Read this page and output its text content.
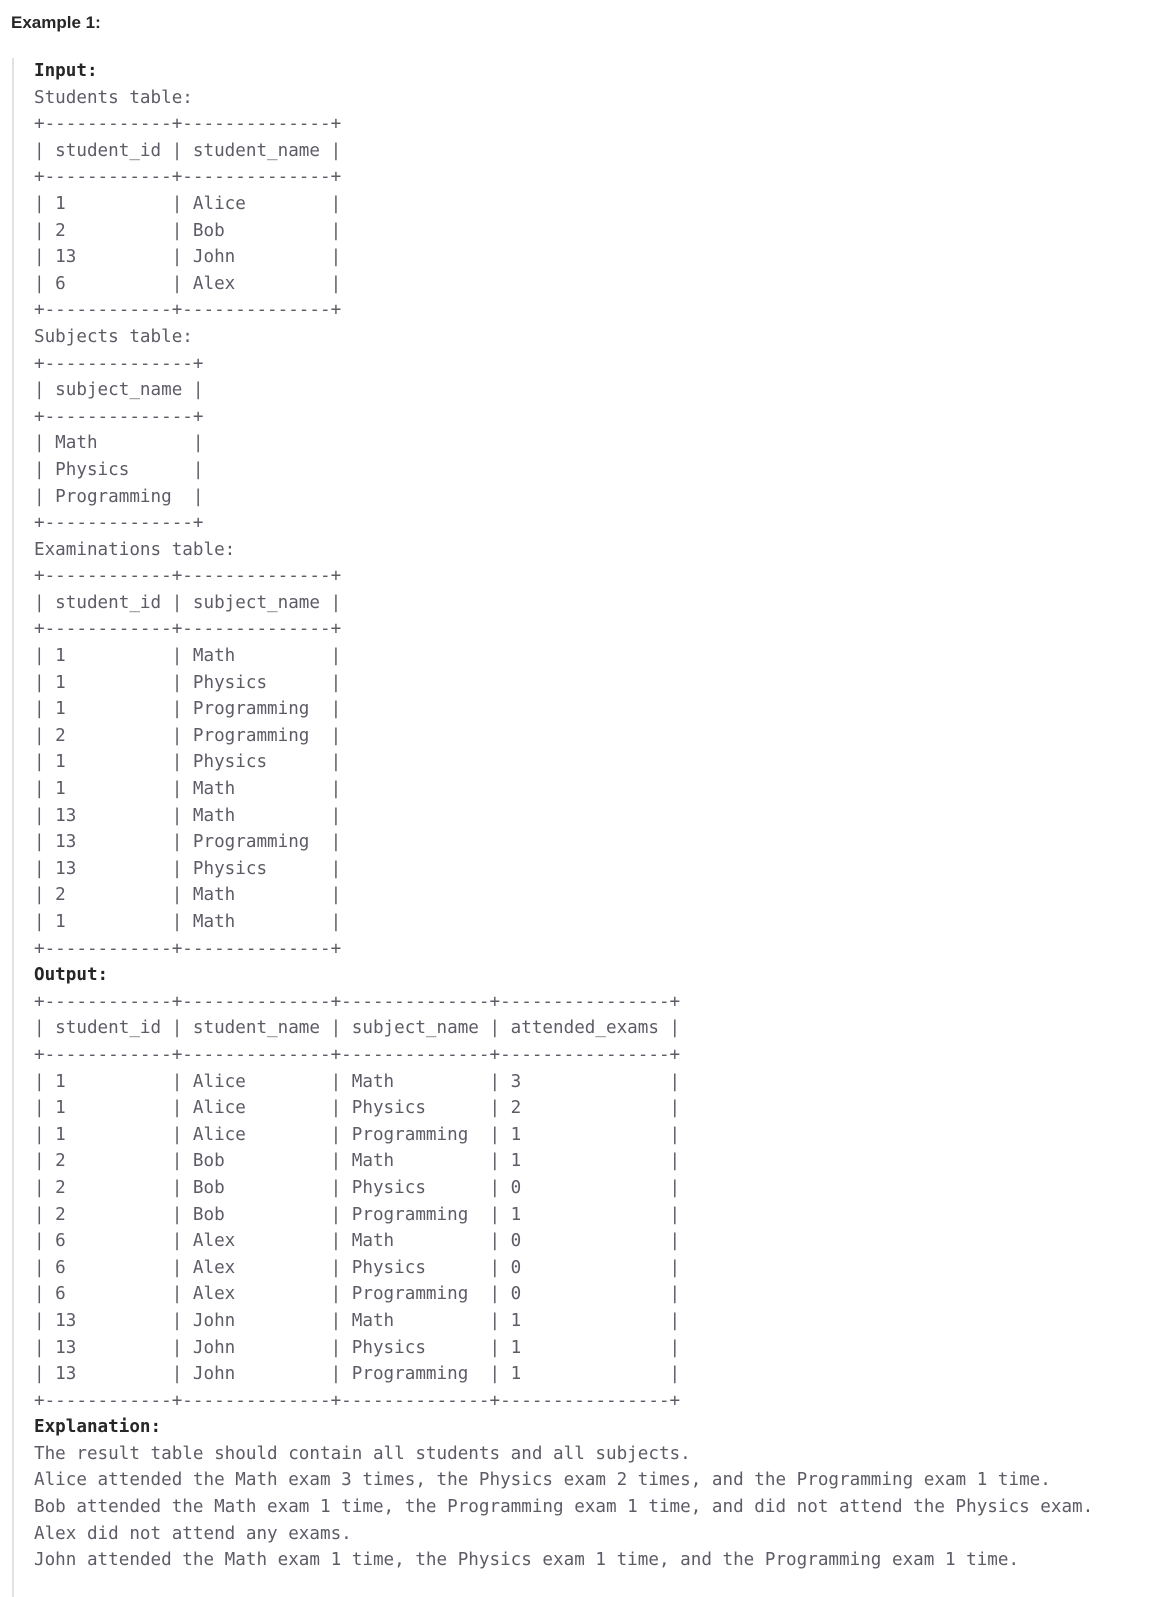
Example 1:
Input:
Students table:
+------------+--------------+
| student_id | student_name |
+------------+--------------+
| 1          | Alice        |
| 2          | Bob          |
| 13         | John         |
| 6          | Alex         |
+------------+--------------+
Subjects table:
+--------------+
| subject_name |
+--------------+
| Math         |
| Physics      |
| Programming  |
+--------------+
Examinations table:
+------------+--------------+
| student_id | subject_name |
+------------+--------------+
| 1          | Math         |
| 1          | Physics      |
| 1          | Programming  |
| 2          | Programming  |
| 1          | Physics      |
| 1          | Math         |
| 13         | Math         |
| 13         | Programming  |
| 13         | Physics      |
| 2          | Math         |
| 1          | Math         |
+------------+--------------+
Output:
+------------+--------------+--------------+----------------+
| student_id | student_name | subject_name | attended_exams |
+------------+--------------+--------------+----------------+
| 1          | Alice        | Math         | 3              |
| 1          | Alice        | Physics      | 2              |
| 1          | Alice        | Programming  | 1              |
| 2          | Bob          | Math         | 1              |
| 2          | Bob          | Physics      | 0              |
| 2          | Bob          | Programming  | 1              |
| 6          | Alex         | Math         | 0              |
| 6          | Alex         | Physics      | 0              |
| 6          | Alex         | Programming  | 0              |
| 13         | John         | Math         | 1              |
| 13         | John         | Physics      | 1              |
| 13         | John         | Programming  | 1              |
+------------+--------------+--------------+----------------+
Explanation:
The result table should contain all students and all subjects.
Alice attended the Math exam 3 times, the Physics exam 2 times, and the Programming exam 1 time.
Bob attended the Math exam 1 time, the Programming exam 1 time, and did not attend the Physics exam.
Alex did not attend any exams.
John attended the Math exam 1 time, the Physics exam 1 time, and the Programming exam 1 time.
